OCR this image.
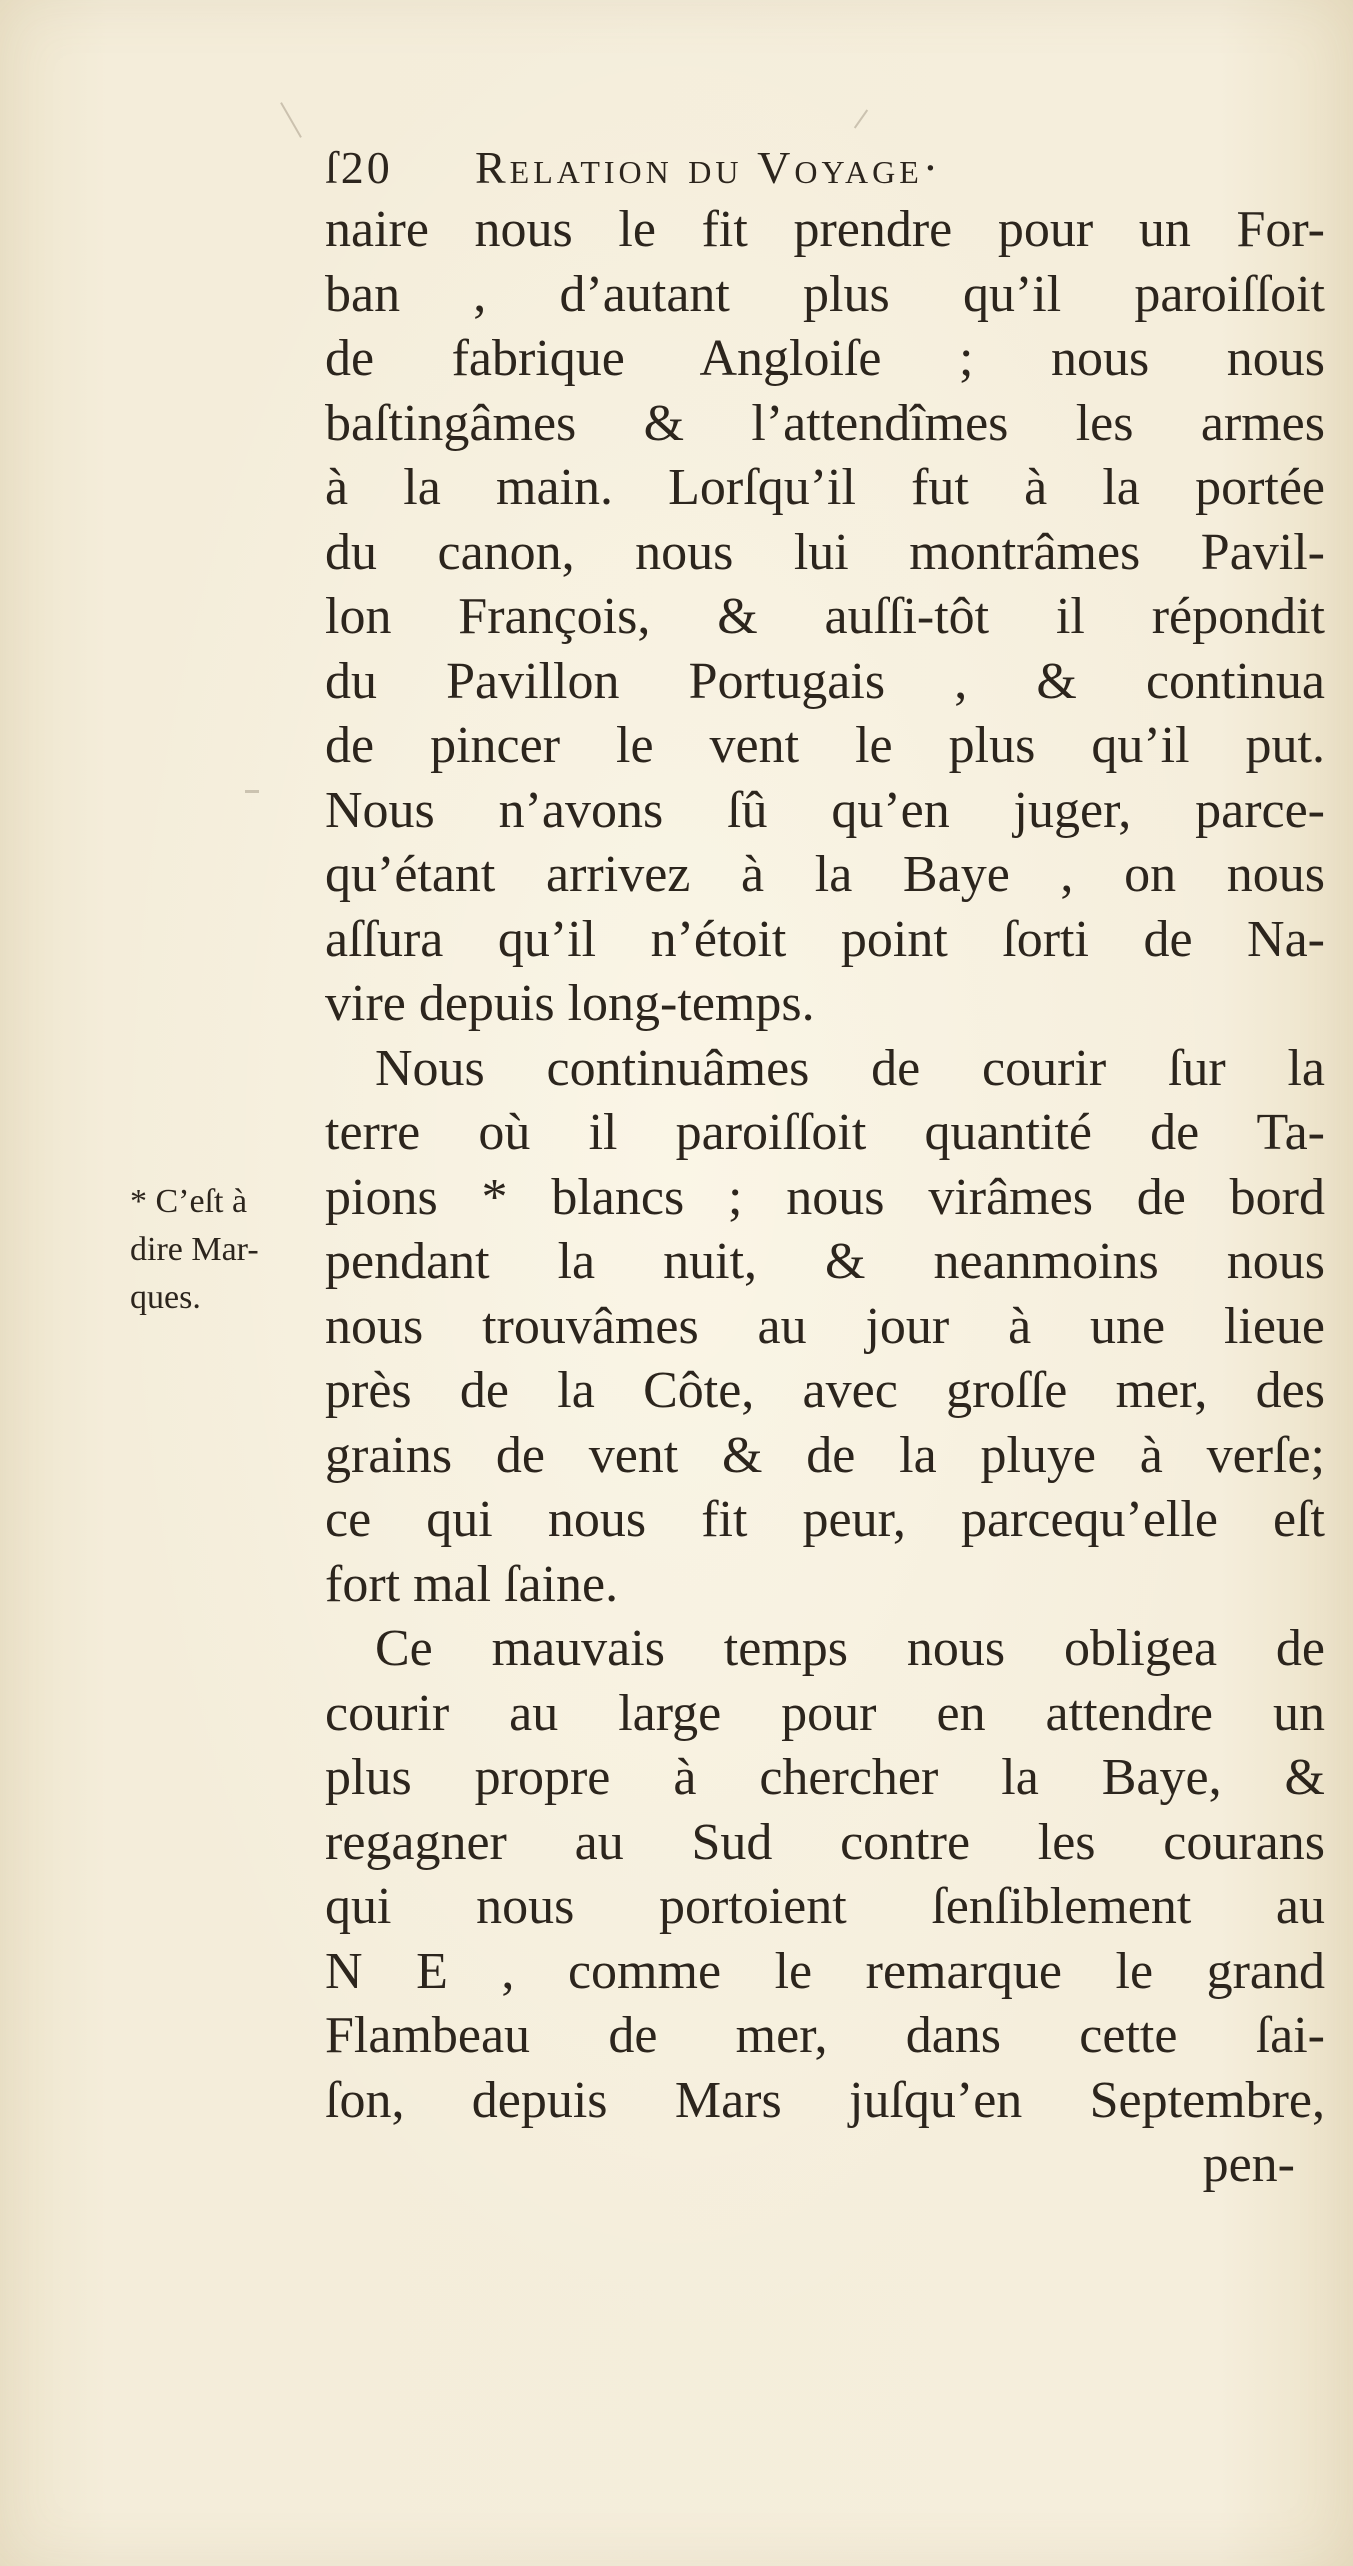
ſ20 Relation du Voyage·
* C’eſt à
dire Mar-
ques.
naire nous le fit prendre pour un For-
ban , d’autant plus qu’il paroiſſoit
de fabrique Angloiſe ; nous nous
baſtingâmes & l’attendîmes les armes
à la main. Lorſqu’il fut à la portée
du canon, nous lui montrâmes Pavil-
lon François, & auſſi-tôt il répondit
du Pavillon Portugais , & continua
de pincer le vent le plus qu’il put.
Nous n’avons ſû qu’en juger, parce-
qu’étant arrivez à la Baye , on nous
aſſura qu’il n’étoit point ſorti de Na-
vire depuis long-temps.
Nous continuâmes de courir ſur la
terre où il paroiſſoit quantité de Ta-
pions * blancs ; nous virâmes de bord
pendant la nuit, & neanmoins nous
nous trouvâmes au jour à une lieue
près de la Côte, avec groſſe mer, des
grains de vent & de la pluye à verſe;
ce qui nous fit peur, parcequ’elle eſt
fort mal ſaine.
Ce mauvais temps nous obligea de
courir au large pour en attendre un
plus propre à chercher la Baye, &
regagner au Sud contre les courans
qui nous portoient ſenſiblement au
N E , comme le remarque le grand
Flambeau de mer, dans cette ſai-
ſon, depuis Mars juſqu’en Septembre,
pen-
